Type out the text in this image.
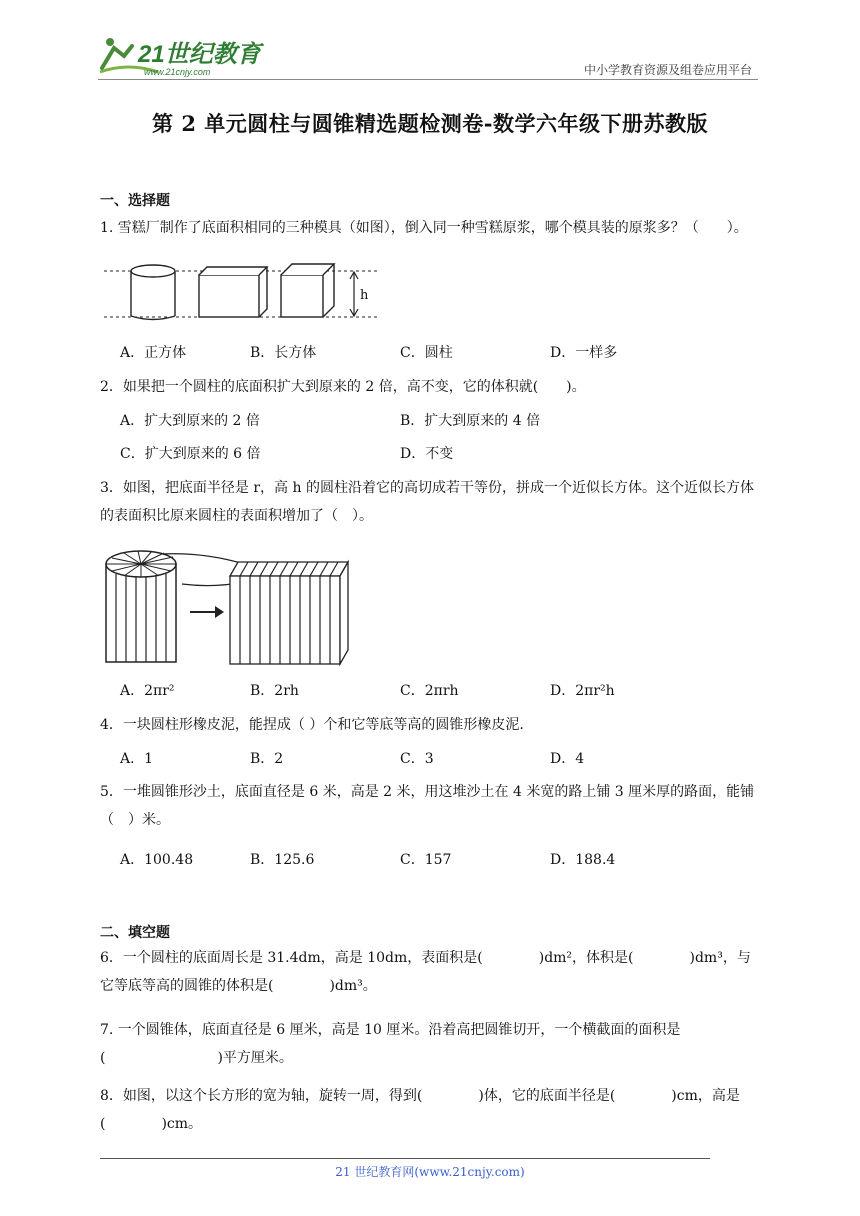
21世纪教育
www.21cnjy.com	中小学教育资源及组卷应用平台
第 2 单元圆柱与圆锥精选题检测卷-数学六年级下册苏教版
一、选择题
1. 雪糕厂制作了底面积相同的三种模具（如图），倒入同一种雪糕原浆，哪个模具装的原浆多？（　　）。
h
A．正方体	B．长方体	C．圆柱	D．一样多
2．如果把一个圆柱的底面积扩大到原来的 2 倍，高不变，它的体积就(　　)。
A．扩大到原来的 2 倍	B．扩大到原来的 4 倍
C．扩大到原来的 6 倍	D．不变
3．如图，把底面半径是 r，高 h 的圆柱沿着它的高切成若干等份，拼成一个近似长方体。这个近似长方体的表面积比原来圆柱的表面积增加了（　）。
A．2πr²	B．2rh	C．2πrh	D．2πr²h
4．一块圆柱形橡皮泥，能捏成（ ）个和它等底等高的圆锥形橡皮泥.
A．1	B．2	C．3	D．4
5．一堆圆锥形沙土，底面直径是 6 米，高是 2 米，用这堆沙土在 4 米宽的路上铺 3 厘米厚的路面，能铺（　）米。
A．100.48	B．125.6	C．157	D．188.4
二、填空题
6．一个圆柱的底面周长是 31.4dm，高是 10dm，表面积是(　　　　)dm²，体积是(　　　　)dm³，与它等底等高的圆锥的体积是(　　　　)dm³。
7. 一个圆锥体，底面直径是 6 厘米，高是 10 厘米。沿着高把圆锥切开，一个横截面的面积是(　　　　　　　　)平方厘米。
8．如图，以这个长方形的宽为轴，旋转一周，得到(　　　　)体，它的底面半径是(　　　　)cm，高是(　　　　)cm。
21 世纪教育网(www.21cnjy.com)
